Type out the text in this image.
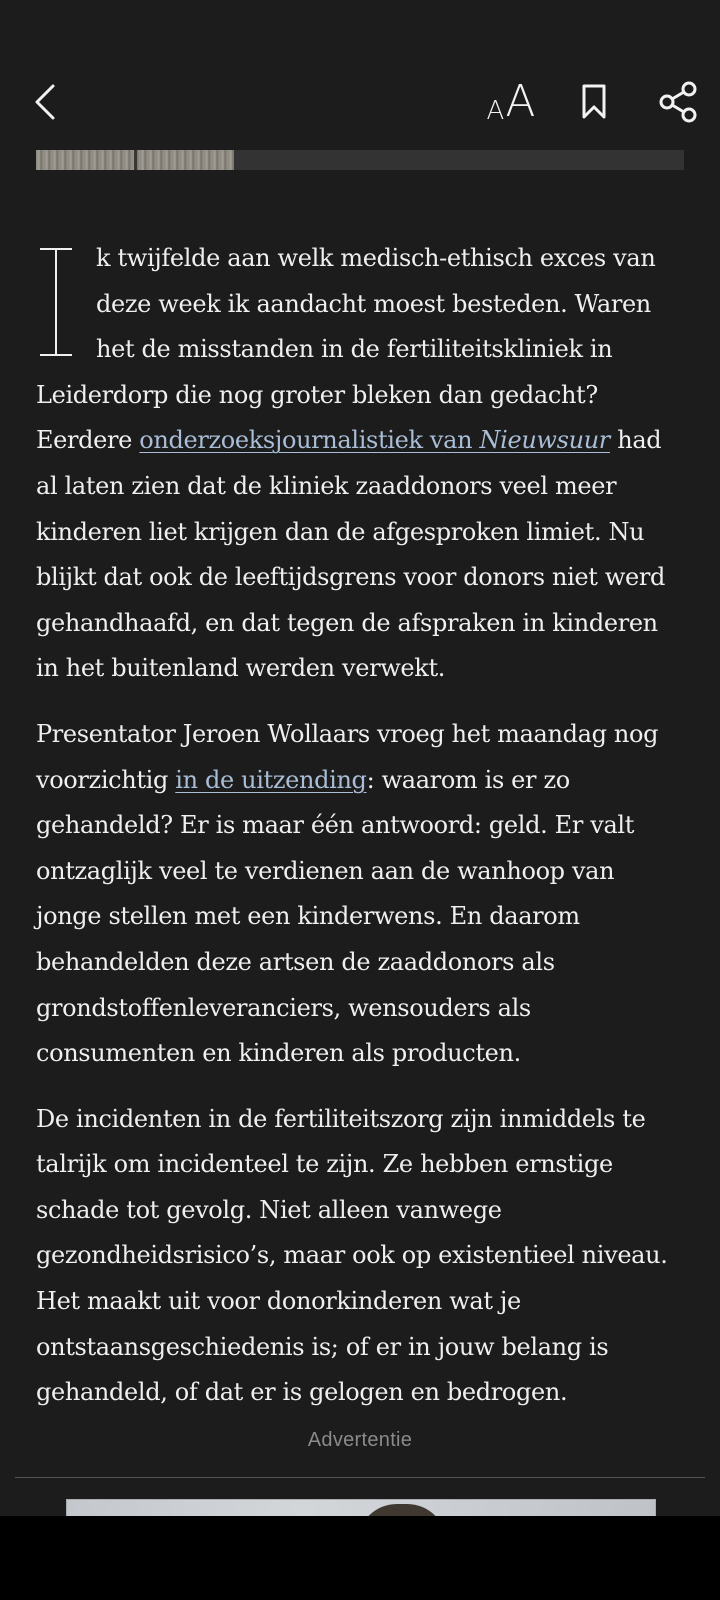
A A

k twijfelde aan welk medisch-ethisch exces van deze week ik aandacht moest besteden. Waren het de misstanden in de fertiliteitskliniek in Leiderdorp die nog groter bleken dan gedacht? Eerdere onderzoeksjournalistiek van Nieuwsuur had al laten zien dat de kliniek zaaddonors veel meer kinderen liet krijgen dan de afgesproken limiet. Nu blijkt dat ook de leeftijdsgrens voor donors niet werd gehandhaafd, en dat tegen de afspraken in kinderen in het buitenland werden verwekt.

Presentator Jeroen Wollaars vroeg het maandag nog voorzichtig in de uitzending: waarom is er zo gehandeld? Er is maar één antwoord: geld. Er valt ontzaglijk veel te verdienen aan de wanhoop van jonge stellen met een kinderwens. En daarom behandelden deze artsen de zaaddonors als grondstoffenleveranciers, wensouders als consumenten en kinderen als producten.

De incidenten in de fertiliteitszorg zijn inmiddels te talrijk om incidenteel te zijn. Ze hebben ernstige schade tot gevolg. Niet alleen vanwege gezondheidsrisico’s, maar ook op existentieel niveau. Het maakt uit voor donorkinderen wat je ontstaansgeschiedenis is; of er in jouw belang is gehandeld, of dat er is gelogen en bedrogen.

Advertentie
